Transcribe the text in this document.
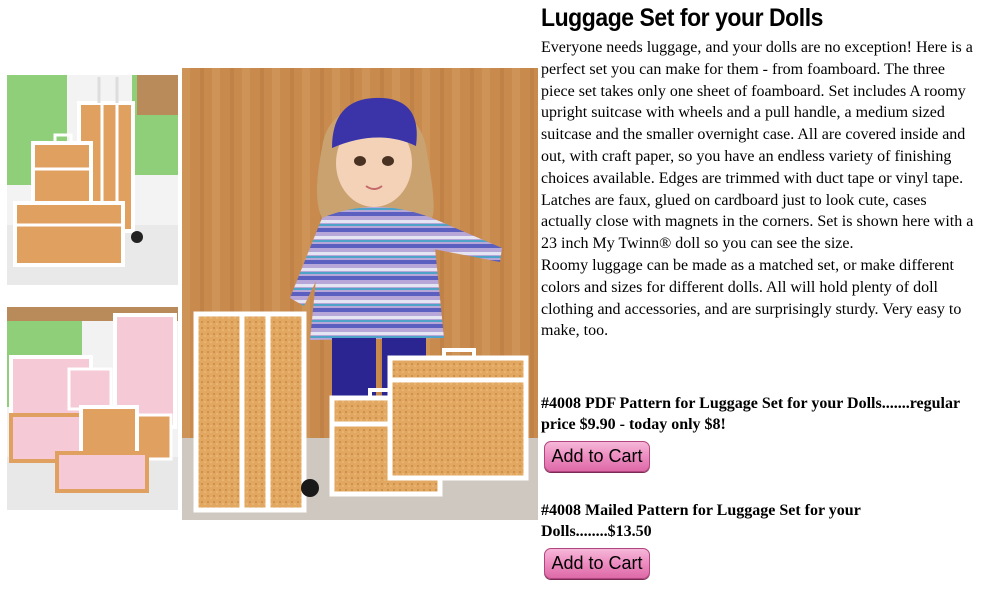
Luggage Set for your Dolls

Everyone needs luggage, and your dolls are no exception! Here is a perfect set you can make for them - from foamboard. The three piece set takes only one sheet of foamboard. Set includes A roomy upright suitcase with wheels and a pull handle, a medium sized suitcase and the smaller overnight case. All are covered inside and out, with craft paper, so you have an endless variety of finishing choices available. Edges are trimmed with duct tape or vinyl tape. Latches are faux, glued on cardboard just to look cute, cases actually close with magnets in the corners. Set is shown here with a 23 inch My Twinn® doll so you can see the size.

Roomy luggage can be made as a matched set, or make different colors and sizes for different dolls. All will hold plenty of doll clothing and accessories, and are surprisingly sturdy. Very easy to make, too.

#4008 PDF Pattern for Luggage Set for your Dolls.......regular price $9.90 - today only $8!

Add to Cart

#4008 Mailed Pattern for Luggage Set for your Dolls........$13.50

Add to Cart
